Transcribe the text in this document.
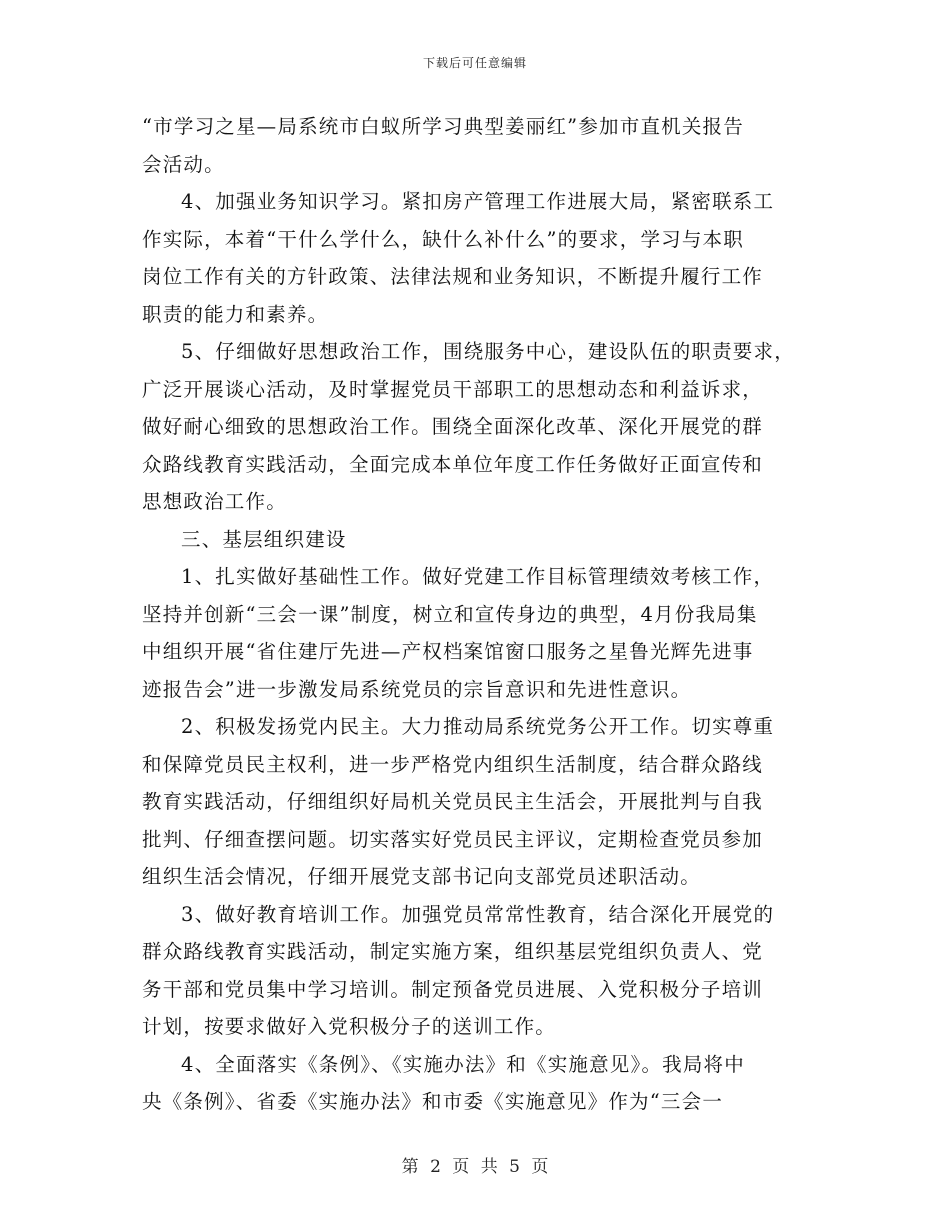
下载后可任意编辑
“市学习之星—局系统市白蚁所学习典型姜丽红”参加市直机关报告
会活动。
4、加强业务知识学习。紧扣房产管理工作进展大局，紧密联系工
作实际，本着“干什么学什么，缺什么补什么”的要求，学习与本职
岗位工作有关的方针政策、法律法规和业务知识，不断提升履行工作
职责的能力和素养。
5、仔细做好思想政治工作，围绕服务中心，建设队伍的职责要求，
广泛开展谈心活动，及时掌握党员干部职工的思想动态和利益诉求，
做好耐心细致的思想政治工作。围绕全面深化改革、深化开展党的群
众路线教育实践活动，全面完成本单位年度工作任务做好正面宣传和
思想政治工作。
三、基层组织建设
1、扎实做好基础性工作。做好党建工作目标管理绩效考核工作，
坚持并创新“三会一课”制度，树立和宣传身边的典型，4月份我局集
中组织开展“省住建厅先进—产权档案馆窗口服务之星鲁光辉先进事
迹报告会”进一步激发局系统党员的宗旨意识和先进性意识。
2、积极发扬党内民主。大力推动局系统党务公开工作。切实尊重
和保障党员民主权利，进一步严格党内组织生活制度，结合群众路线
教育实践活动，仔细组织好局机关党员民主生活会，开展批判与自我
批判、仔细查摆问题。切实落实好党员民主评议，定期检查党员参加
组织生活会情况，仔细开展党支部书记向支部党员述职活动。
3、做好教育培训工作。加强党员常常性教育，结合深化开展党的
群众路线教育实践活动，制定实施方案，组织基层党组织负责人、党
务干部和党员集中学习培训。制定预备党员进展、入党积极分子培训
计划，按要求做好入党积极分子的送训工作。
4、全面落实《条例》、《实施办法》和《实施意见》。我局将中
央《条例》、省委《实施办法》和市委《实施意见》作为“三会一
第 2 页 共 5 页
